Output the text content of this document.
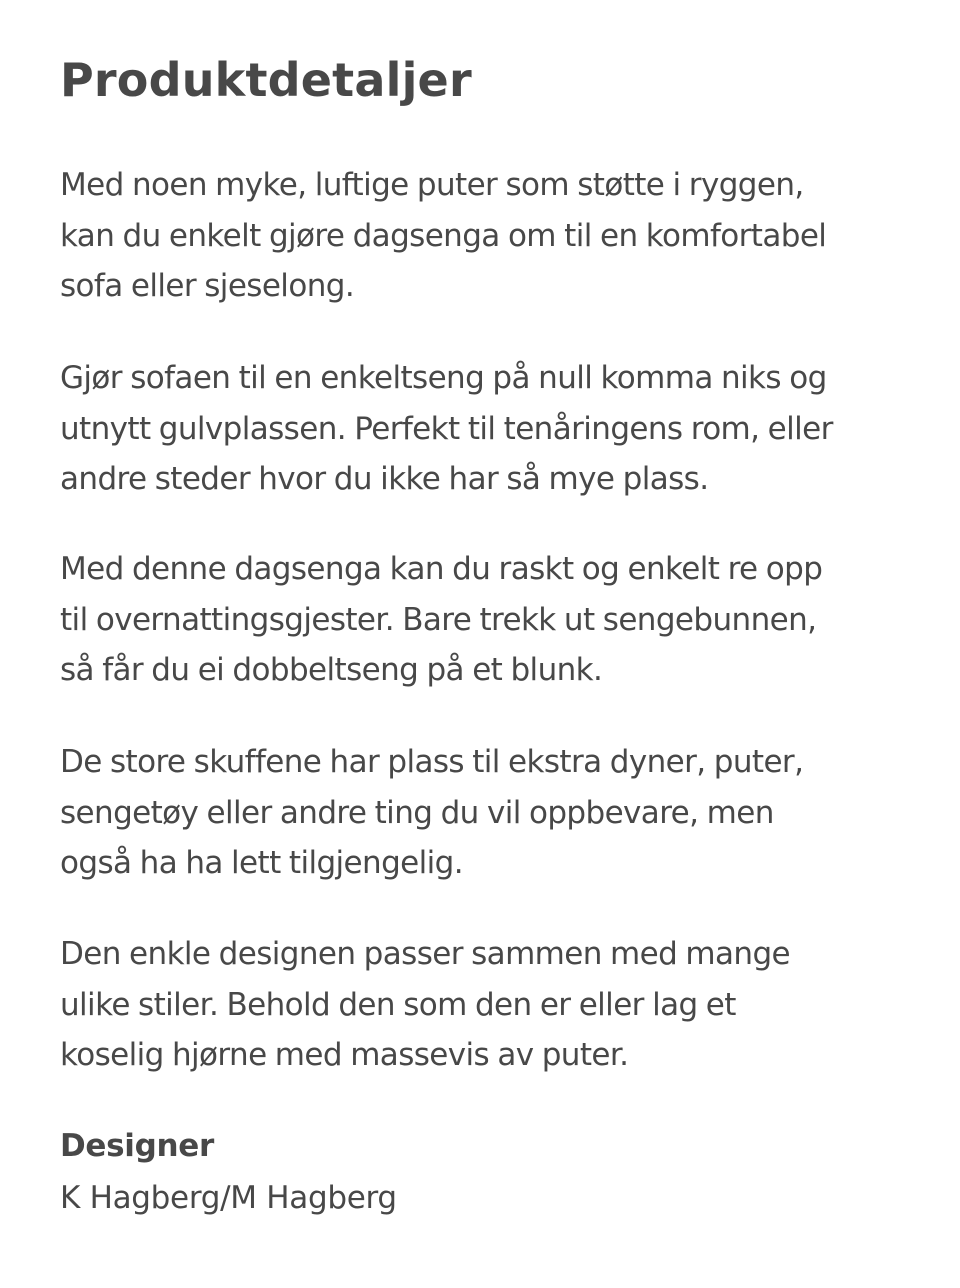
Produktdetaljer

Med noen myke, luftige puter som støtte i ryggen,
kan du enkelt gjøre dagsenga om til en komfortabel
sofa eller sjeselong.

Gjør sofaen til en enkeltseng på null komma niks og
utnytt gulvplassen. Perfekt til tenåringens rom, eller
andre steder hvor du ikke har så mye plass.

Med denne dagsenga kan du raskt og enkelt re opp
til overnattingsgjester. Bare trekk ut sengebunnen,
så får du ei dobbeltseng på et blunk.

De store skuffene har plass til ekstra dyner, puter,
sengetøy eller andre ting du vil oppbevare, men
også ha ha lett tilgjengelig.

Den enkle designen passer sammen med mange
ulike stiler. Behold den som den er eller lag et
koselig hjørne med massevis av puter.

Designer

K Hagberg/M Hagberg
